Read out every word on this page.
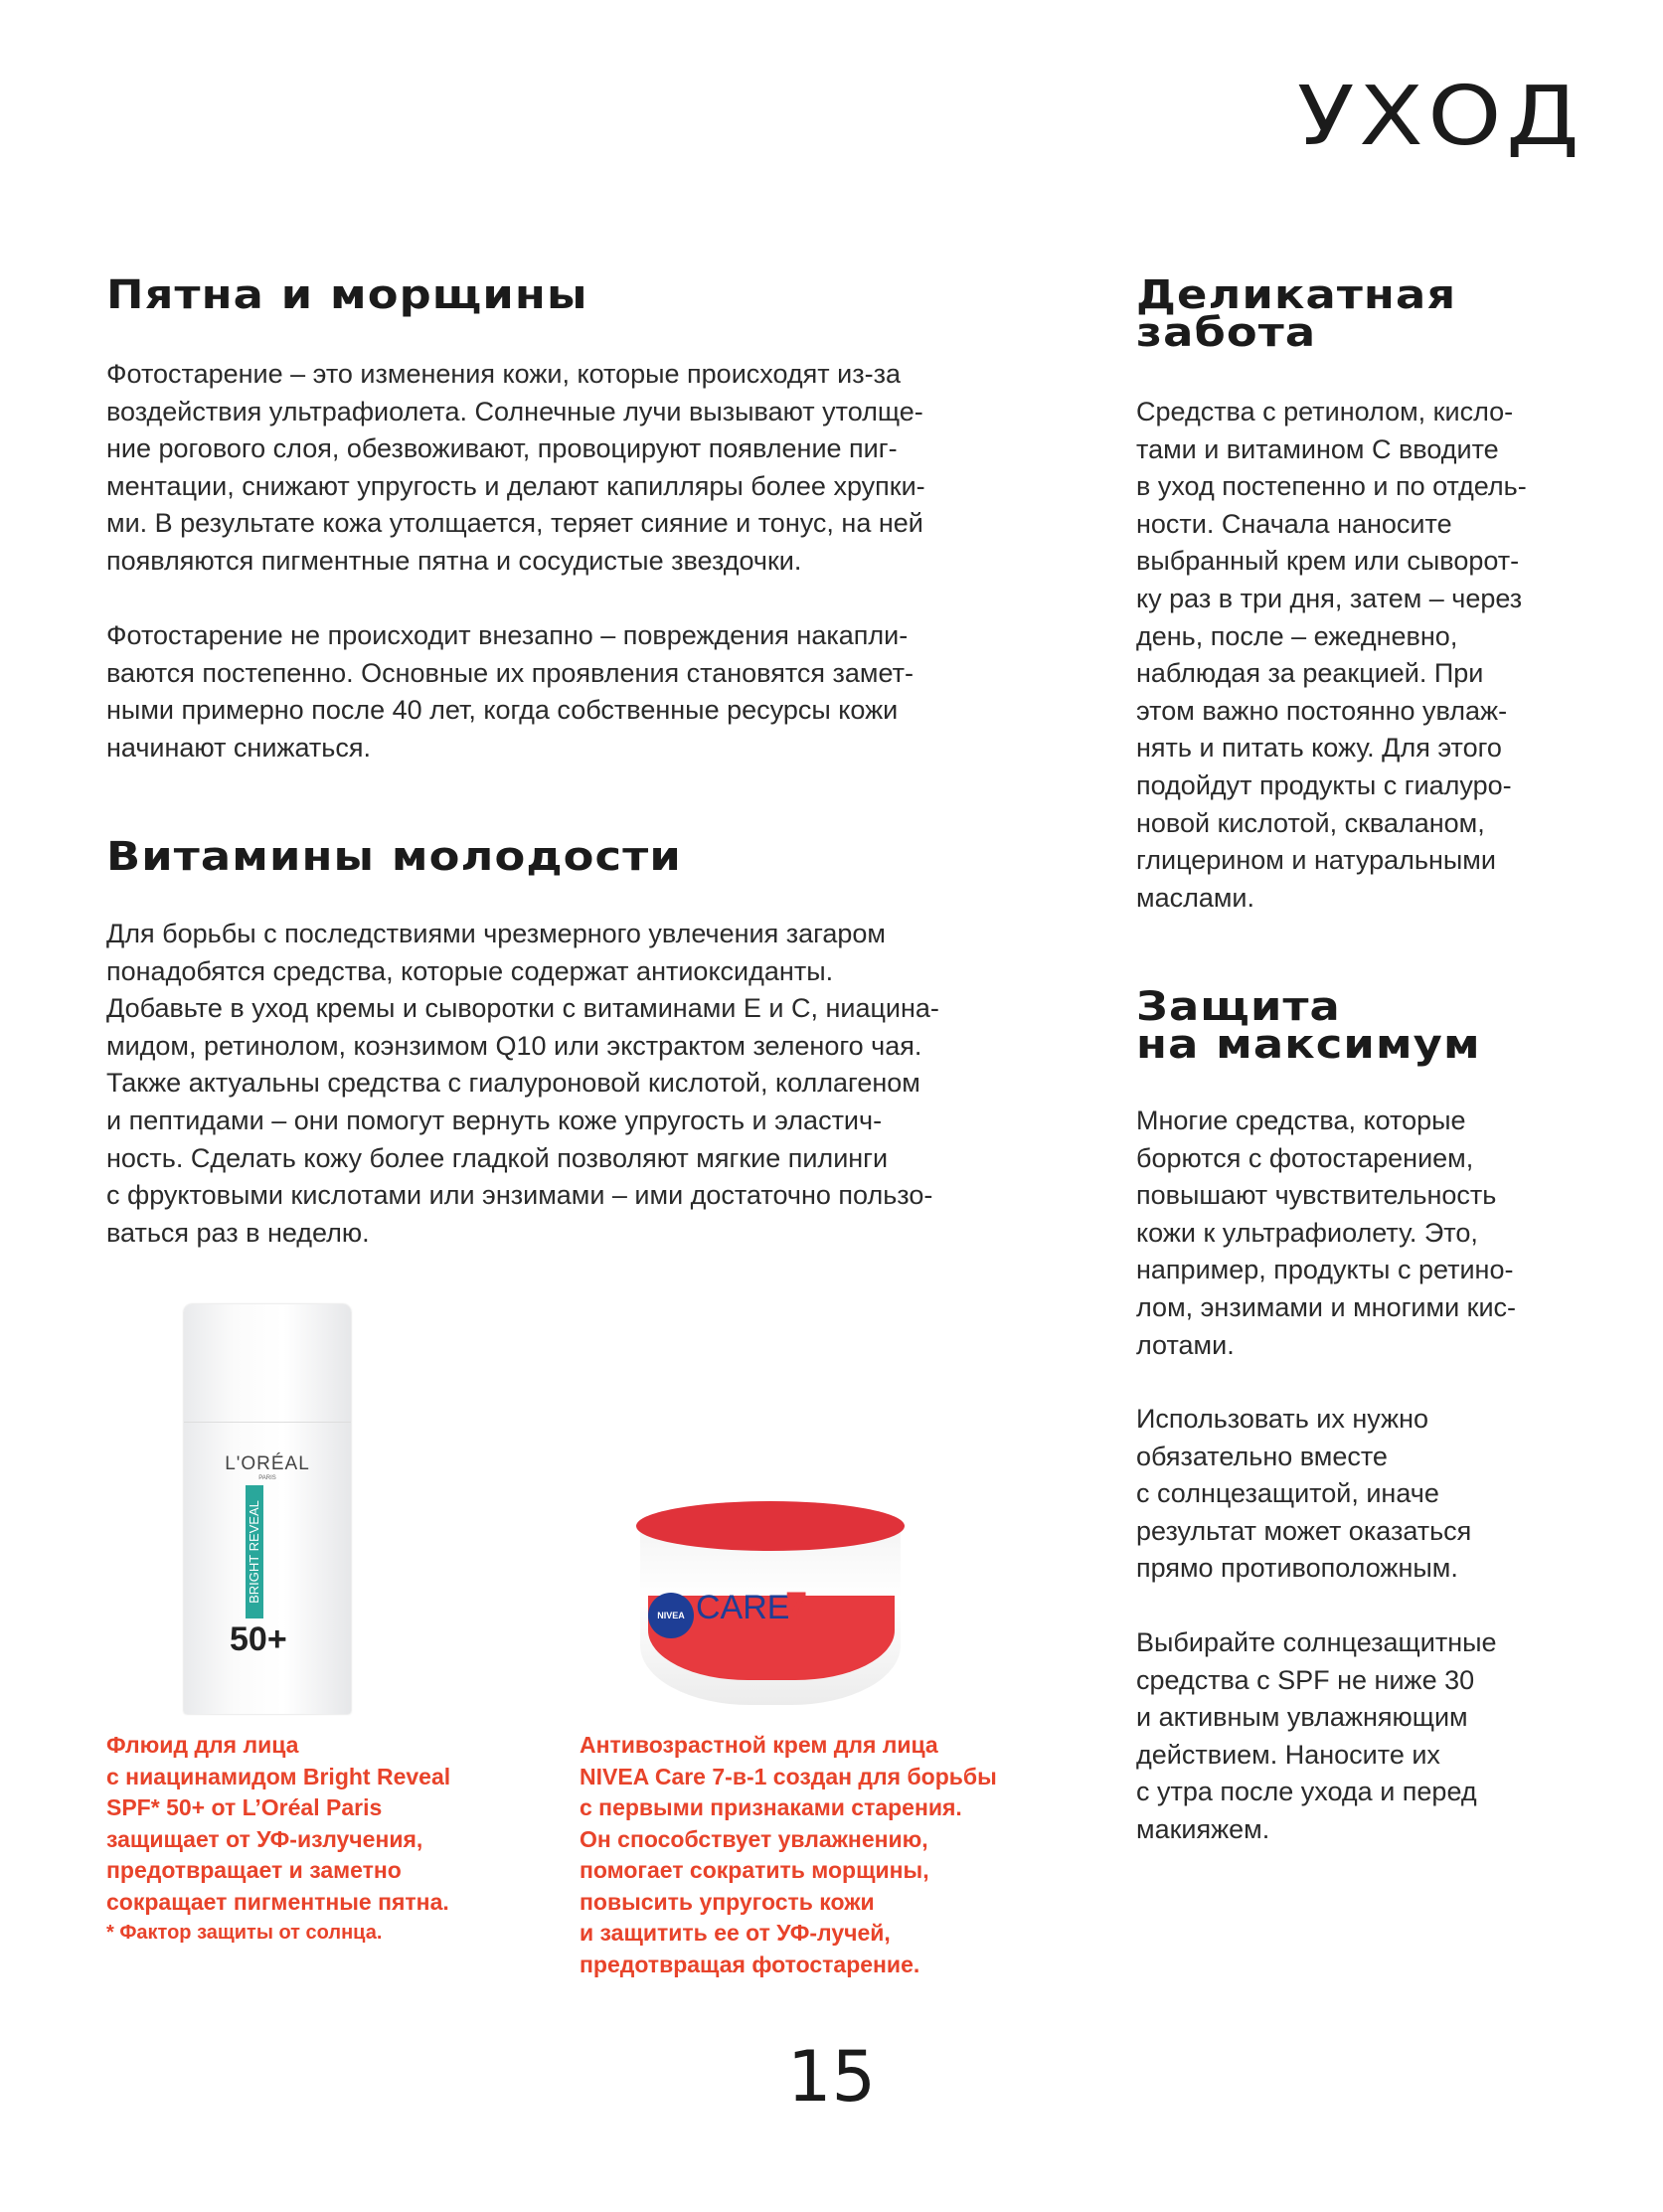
УХОД
Пятна и морщины
Фотостарение – это изменения кожи, которые происходят из-за
воздействия ультрафиолета. Солнечные лучи вызывают утолще-
ние рогового слоя, обезвоживают, провоцируют появление пиг-
ментации, снижают упругость и делают капилляры более хрупки-
ми. В результате кожа утолщается, теряет сияние и тонус, на ней
появляются пигментные пятна и сосудистые звездочки.
Фотостарение не происходит внезапно – повреждения накапли-
ваются постепенно. Основные их проявления становятся замет-
ными примерно после 40 лет, когда собственные ресурсы кожи
начинают снижаться.
Витамины молодости
Для борьбы с последствиями чрезмерного увлечения загаром
понадобятся средства, которые содержат антиоксиданты.
Добавьте в уход кремы и сыворотки с витаминами Е и С, ниацина-
мидом, ретинолом, коэнзимом Q10 или экстрактом зеленого чая.
Также актуальны средства с гиалуроновой кислотой, коллагеном
и пептидами – они помогут вернуть коже упругость и эластич-
ность. Сделать кожу более гладкой позволяют мягкие пилинги
с фруктовыми кислотами или энзимами – ими достаточно пользо-
ваться раз в неделю.
Деликатная
забота
Средства с ретинолом, кисло-
тами и витамином С вводите
в уход постепенно и по отдель-
ности. Сначала наносите
выбранный крем или сыворот-
ку раз в три дня, затем – через
день, после – ежедневно,
наблюдая за реакцией. При
этом важно постоянно увлаж-
нять и питать кожу. Для этого
подойдут продукты с гиалуро-
новой кислотой, скваланом,
глицерином и натуральными
маслами.
Защита
на максимум
Многие средства, которые
борются с фотостарением,
повышают чувствительность
кожи к ультрафиолету. Это,
например, продукты с ретино-
лом, энзимами и многими кис-
лотами.
Использовать их нужно
обязательно вместе
с солнцезащитой, иначе
результат может оказаться
прямо противоположным.
Выбирайте солнцезащитные
средства с SPF не ниже 30
и активным увлажняющим
действием. Наносите их
с утра после ухода и перед
макияжем.
L'ORÉAL
PARIS
BRIGHT REVEAL
50+
NIVEA CARE
7
Флюид для лица
с ниацинамидом Bright Reveal
SPF* 50+ от L’Oréal Paris
защищает от УФ-излучения,
предотвращает и заметно
сокращает пигментные пятна.
* Фактор защиты от солнца.
Антивозрастной крем для лица
NIVEA Care 7-в-1 создан для борьбы
с первыми признаками старения.
Он способствует увлажнению,
помогает сократить морщины,
повысить упругость кожи
и защитить ее от УФ-лучей,
предотвращая фотостарение.
15
